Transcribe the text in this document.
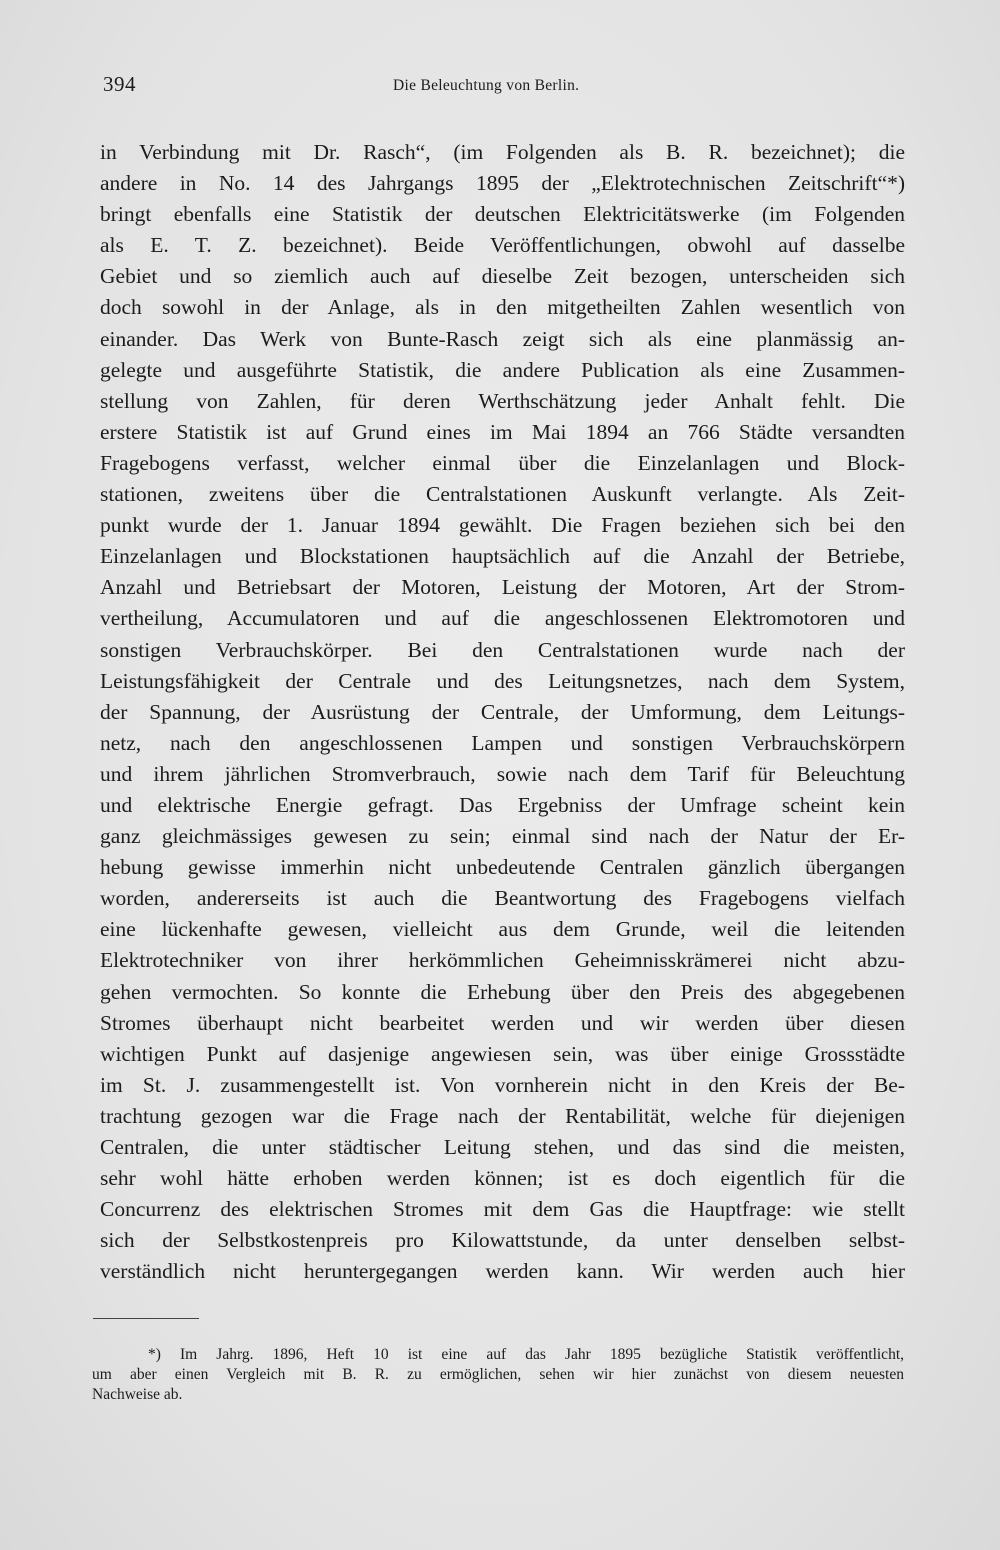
394	Die Beleuchtung von Berlin.
in Verbindung mit Dr. Rasch“, (im Folgenden als B. R. bezeichnet); die
andere in No. 14 des Jahrgangs 1895 der „Elektrotechnischen Zeitschrift“*)
bringt ebenfalls eine Statistik der deutschen Elektricitätswerke (im Folgenden
als E. T. Z. bezeichnet). Beide Veröffentlichungen, obwohl auf dasselbe
Gebiet und so ziemlich auch auf dieselbe Zeit bezogen, unterscheiden sich
doch sowohl in der Anlage, als in den mitgetheilten Zahlen wesentlich von
einander. Das Werk von Bunte-Rasch zeigt sich als eine planmässig an-
gelegte und ausgeführte Statistik, die andere Publication als eine Zusammen-
stellung von Zahlen, für deren Werthschätzung jeder Anhalt fehlt. Die
erstere Statistik ist auf Grund eines im Mai 1894 an 766 Städte versandten
Fragebogens verfasst, welcher einmal über die Einzelanlagen und Block-
stationen, zweitens über die Centralstationen Auskunft verlangte. Als Zeit-
punkt wurde der 1. Januar 1894 gewählt. Die Fragen beziehen sich bei den
Einzelanlagen und Blockstationen hauptsächlich auf die Anzahl der Betriebe,
Anzahl und Betriebsart der Motoren, Leistung der Motoren, Art der Strom-
vertheilung, Accumulatoren und auf die angeschlossenen Elektromotoren und
sonstigen Verbrauchskörper. Bei den Centralstationen wurde nach der
Leistungsfähigkeit der Centrale und des Leitungsnetzes, nach dem System,
der Spannung, der Ausrüstung der Centrale, der Umformung, dem Leitungs-
netz, nach den angeschlossenen Lampen und sonstigen Verbrauchskörpern
und ihrem jährlichen Stromverbrauch, sowie nach dem Tarif für Beleuchtung
und elektrische Energie gefragt. Das Ergebniss der Umfrage scheint kein
ganz gleichmässiges gewesen zu sein; einmal sind nach der Natur der Er-
hebung gewisse immerhin nicht unbedeutende Centralen gänzlich übergangen
worden, andererseits ist auch die Beantwortung des Fragebogens vielfach
eine lückenhafte gewesen, vielleicht aus dem Grunde, weil die leitenden
Elektrotechniker von ihrer herkömmlichen Geheimnisskrämerei nicht abzu-
gehen vermochten. So konnte die Erhebung über den Preis des abgegebenen
Stromes überhaupt nicht bearbeitet werden und wir werden über diesen
wichtigen Punkt auf dasjenige angewiesen sein, was über einige Grossstädte
im St. J. zusammengestellt ist. Von vornherein nicht in den Kreis der Be-
trachtung gezogen war die Frage nach der Rentabilität, welche für diejenigen
Centralen, die unter städtischer Leitung stehen, und das sind die meisten,
sehr wohl hätte erhoben werden können; ist es doch eigentlich für die
Concurrenz des elektrischen Stromes mit dem Gas die Hauptfrage: wie stellt
sich der Selbstkostenpreis pro Kilowattstunde, da unter denselben selbst-
verständlich nicht heruntergegangen werden kann. Wir werden auch hier
*) Im Jahrg. 1896, Heft 10 ist eine auf das Jahr 1895 bezügliche Statistik veröffentlicht,
um aber einen Vergleich mit B. R. zu ermöglichen, sehen wir hier zunächst von diesem neuesten
Nachweise ab.
